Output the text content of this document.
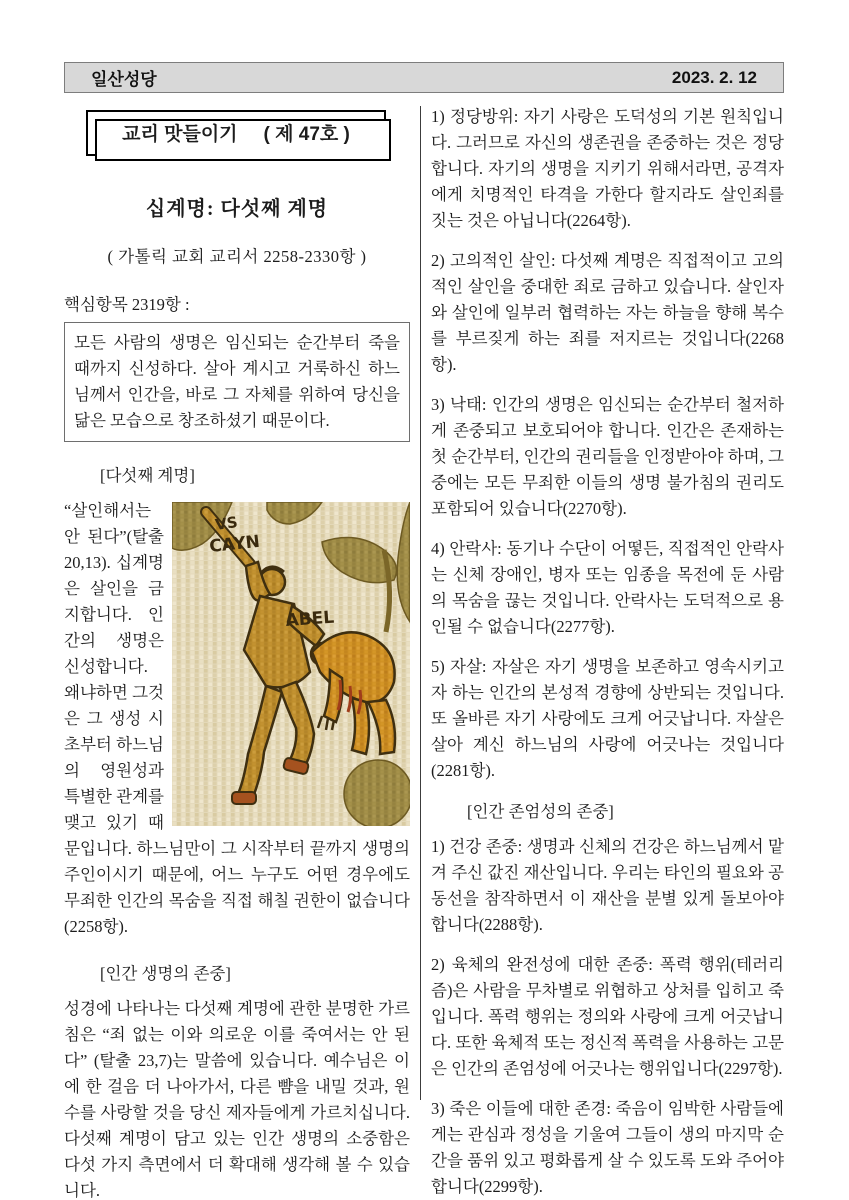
일산성당	2023. 2. 12
교리 맛들이기 ( 제 47호 )
십계명: 다섯째 계명
( 가톨릭 교회 교리서 2258-2330항 )
핵심항목 2319항 :
모든 사람의 생명은 임신되는 순간부터 죽을 때까지 신성하다. 살아 계시고 거룩하신 하느님께서 인간을, 바로 그 자체를 위하여 당신을 닮은 모습으로 창조하셨기 때문이다.
[다섯째 계명]

VS
CAYN
ABEL
“살인해서는 안 된다”(탈출 20,13). 십계명은 살인을 금지합니다. 인간의 생명은 신성합니다. 왜냐하면 그것은 그 생성 시초부터 하느님의 영원성과 특별한 관계를 맺고 있기 때문입니다. 하느님만이 그 시작부터 끝까지 생명의 주인이시기 때문에, 어느 누구도 어떤 경우에도 무죄한 인간의 목숨을 직접 해칠 권한이 없습니다(2258항).

[인간 생명의 존중]

성경에 나타나는 다섯째 계명에 관한 분명한 가르침은 “죄 없는 이와 의로운 이를 죽여서는 안 된다” (탈출 23,7)는 말씀에 있습니다. 예수님은 이에 한 걸음 더 나아가서, 다른 뺨을 내밀 것과, 원수를 사랑할 것을 당신 제자들에게 가르치십니다. 다섯째 계명이 담고 있는 인간 생명의 소중함은 다섯 가지 측면에서 더 확대해 생각해 볼 수 있습니다.

1) 정당방위: 자기 사랑은 도덕성의 기본 원칙입니다. 그러므로 자신의 생존권을 존중하는 것은 정당합니다. 자기의 생명을 지키기 위해서라면, 공격자에게 치명적인 타격을 가한다 할지라도 살인죄를 짓는 것은 아닙니다(2264항).

2) 고의적인 살인: 다섯째 계명은 직접적이고 고의적인 살인을 중대한 죄로 금하고 있습니다. 살인자와 살인에 일부러 협력하는 자는 하늘을 향해 복수를 부르짖게 하는 죄를 저지르는 것입니다(2268항).

3) 낙태: 인간의 생명은 임신되는 순간부터 철저하게 존중되고 보호되어야 합니다. 인간은 존재하는 첫 순간부터, 인간의 권리들을 인정받아야 하며, 그중에는 모든 무죄한 이들의 생명 불가침의 권리도 포함되어 있습니다(2270항).

4) 안락사: 동기나 수단이 어떻든, 직접적인 안락사는 신체 장애인, 병자 또는 임종을 목전에 둔 사람의 목숨을 끊는 것입니다. 안락사는 도덕적으로 용인될 수 없습니다(2277항).

5) 자살: 자살은 자기 생명을 보존하고 영속시키고자 하는 인간의 본성적 경향에 상반되는 것입니다. 또 올바른 자기 사랑에도 크게 어긋납니다. 자살은 살아 계신 하느님의 사랑에 어긋나는 것입니다(2281항).

[인간 존엄성의 존중]

1) 건강 존중: 생명과 신체의 건강은 하느님께서 맡겨 주신 값진 재산입니다. 우리는 타인의 필요와 공동선을 참작하면서 이 재산을 분별 있게 돌보아야 합니다(2288항).

2) 육체의 완전성에 대한 존중: 폭력 행위(테러리즘)은 사람을 무차별로 위협하고 상처를 입히고 죽입니다. 폭력 행위는 정의와 사랑에 크게 어긋납니다. 또한 육체적 또는 정신적 폭력을 사용하는 고문은 인간의 존엄성에 어긋나는 행위입니다(2297항).

3) 죽은 이들에 대한 존경: 죽음이 임박한 사람들에게는 관심과 정성을 기울여 그들이 생의 마지막 순간을 품위 있고 평화롭게 살 수 있도록 도와 주어야 합니다(2299항).
